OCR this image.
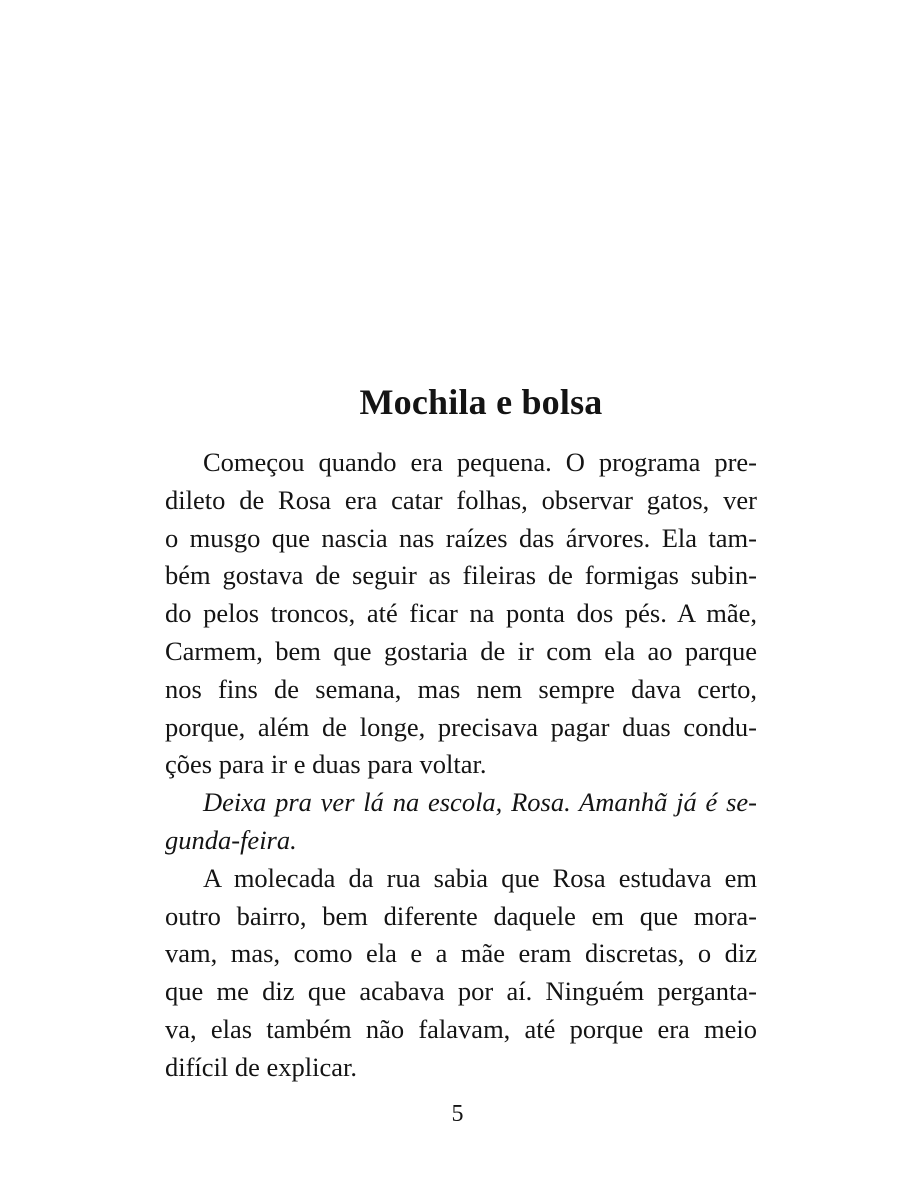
Mochila e bolsa
Começou quando era pequena. O programa pre-
dileto de Rosa era catar folhas, observar gatos, ver
o musgo que nascia nas raízes das árvores. Ela tam-
bém gostava de seguir as fileiras de formigas subin-
do pelos troncos, até ficar na ponta dos pés. A mãe,
Carmem, bem que gostaria de ir com ela ao parque
nos fins de semana, mas nem sempre dava certo,
porque, além de longe, precisava pagar duas condu-
ções para ir e duas para voltar.
Deixa pra ver lá na escola, Rosa. Amanhã já é se-
gunda-feira.
A molecada da rua sabia que Rosa estudava em
outro bairro, bem diferente daquele em que mora-
vam, mas, como ela e a mãe eram discretas, o diz
que me diz que acabava por aí. Ninguém perganta-
va, elas também não falavam, até porque era meio
difícil de explicar.
5
